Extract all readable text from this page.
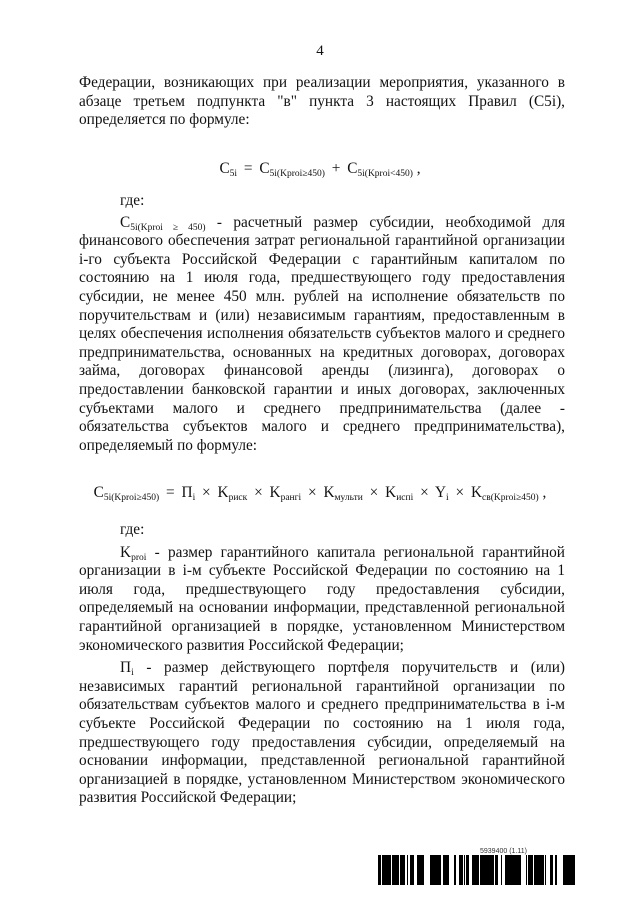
4
Федерации, возникающих при реализации мероприятия, указанного в абзаце третьем подпункта "в" пункта 3 настоящих Правил (C5i), определяется по формуле:
$C_{5i} = C_{5i(Kproi\ge 450)} + C_{5i(Kproi<450)}$ ,
где:
$C_{5i(Kproi \ge 450)}$ - расчетный размер субсидии, необходимой для финансового обеспечения затрат региональной гарантийной организации i-го субъекта Российской Федерации с гарантийным капиталом по состоянию на 1 июля года, предшествующего году предоставления субсидии, не менее 450 млн. рублей на исполнение обязательств по поручительствам и (или) независимым гарантиям, предоставленным в целях обеспечения исполнения обязательств субъектов малого и среднего предпринимательства, основанных на кредитных договорах, договорах займа, договорах финансовой аренды (лизинга), договорах о предоставлении банковской гарантии и иных договорах, заключенных субъектами малого и среднего предпринимательства (далее - обязательства субъектов малого и среднего предпринимательства), определяемый по формуле:
$C_{5i(Kproi\ge 450)} = П_i \times K_{риск} \times K_{рангi} \times K_{мульти} \times K_{испi} \times Y_i \times K_{св(Kproi\ge 450)}$ ,
где:
$K_{proi}$ - размер гарантийного капитала региональной гарантийной организации в i-м субъекте Российской Федерации по состоянию на 1 июля года, предшествующего году предоставления субсидии, определяемый на основании информации, представленной региональной гарантийной организацией в порядке, установленном Министерством экономического развития Российской Федерации;
$П_i$ - размер действующего портфеля поручительств и (или) независимых гарантий региональной гарантийной организации по обязательствам субъектов малого и среднего предпринимательства в i-м субъекте Российской Федерации по состоянию на 1 июля года, предшествующего году предоставления субсидии, определяемый на основании информации, представленной региональной гарантийной организацией в порядке, установленном Министерством экономического развития Российской Федерации;
5939400 (1.11)
